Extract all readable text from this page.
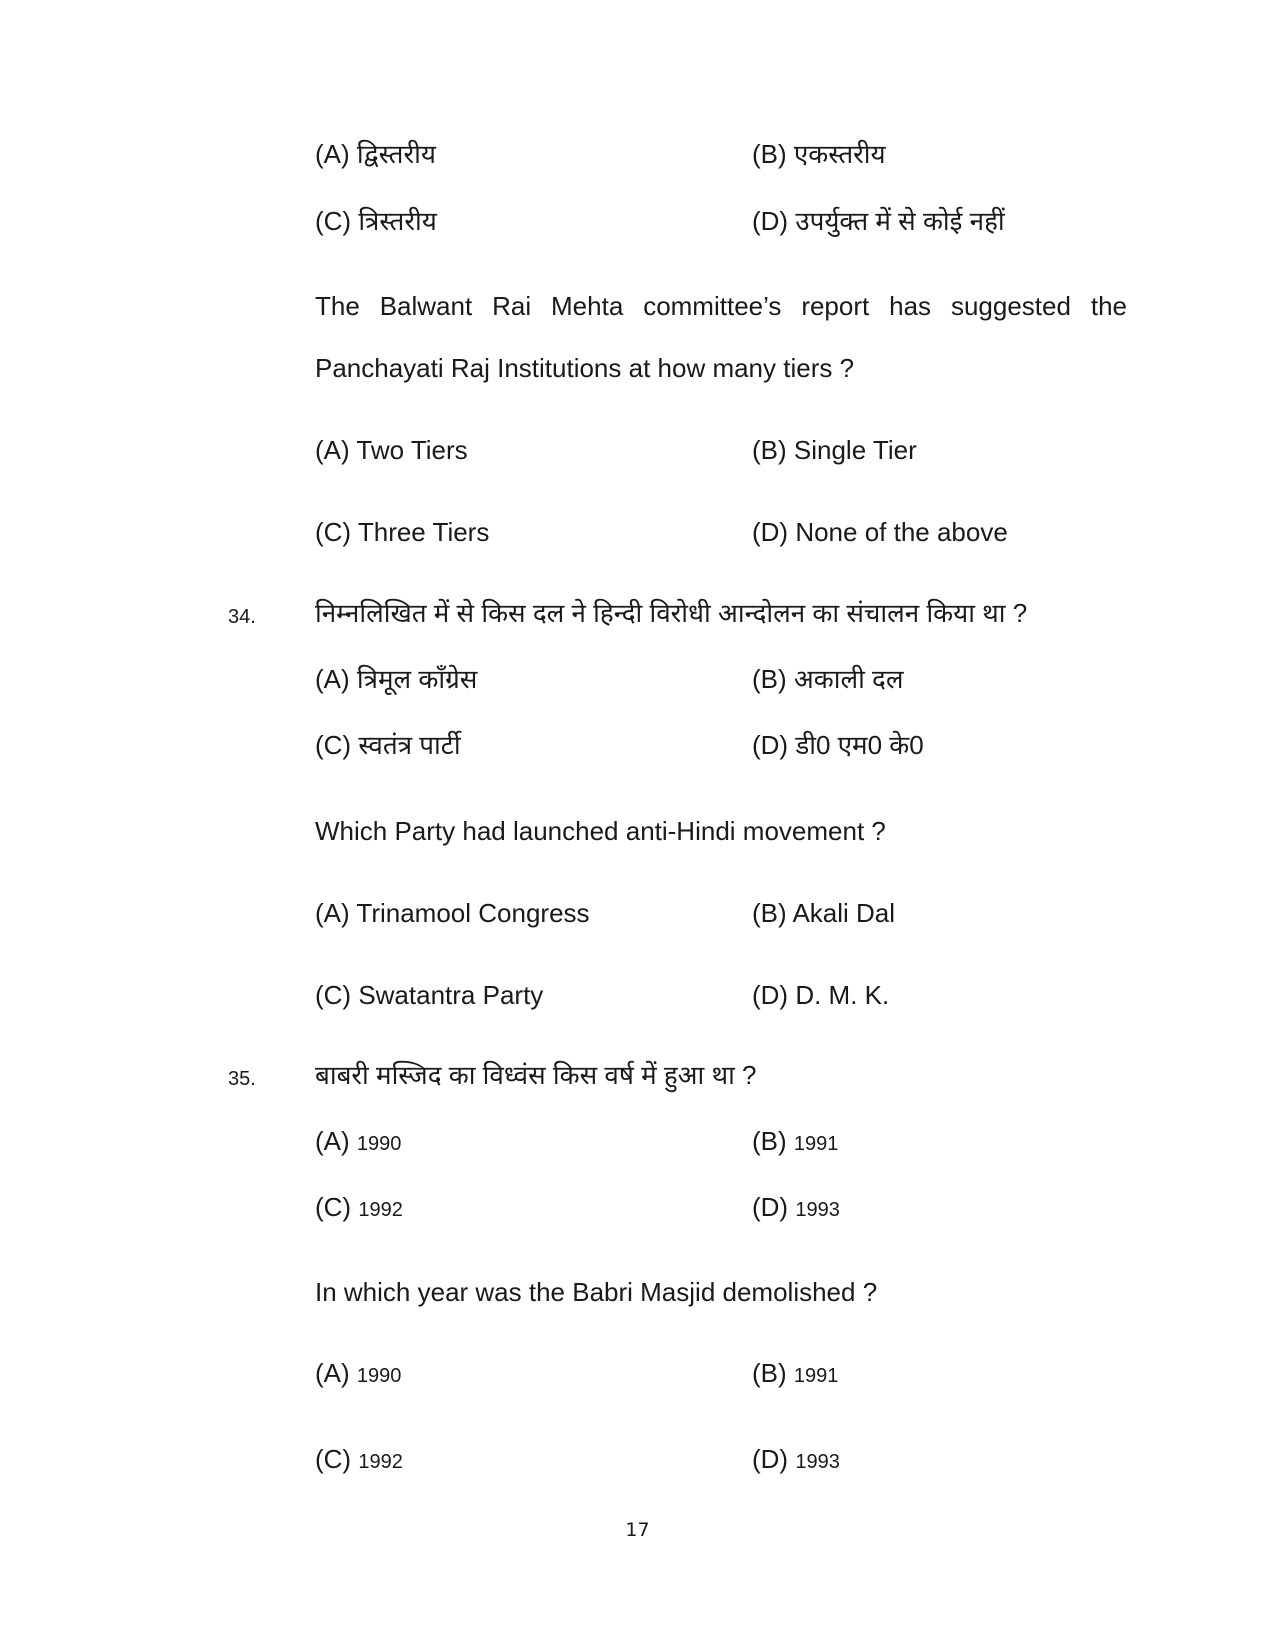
(A) द्विस्तरीय	(B) एकस्तरीय
(C) त्रिस्तरीय	(D) उपर्युक्त में से कोई नहीं
The Balwant Rai Mehta committee’s report has suggested the
Panchayati Raj Institutions at how many tiers ?
(A) Two Tiers	(B) Single Tier
(C) Three Tiers	(D) None of the above
34. निम्नलिखित में से किस दल ने हिन्दी विरोधी आन्दोलन का संचालन किया था ?
(A) त्रिमूल काँग्रेस	(B) अकाली दल
(C) स्वतंत्र पार्टी	(D) डी0 एम0 के0
Which Party had launched anti-Hindi movement ?
(A) Trinamool Congress	(B) Akali Dal
(C) Swatantra Party	(D) D. M. K.
35. बाबरी मस्जिद का विध्वंस किस वर्ष में हुआ था ?
(A) 1990	(B) 1991
(C) 1992	(D) 1993
In which year was the Babri Masjid demolished ?
(A) 1990	(B) 1991
(C) 1992	(D) 1993
17
